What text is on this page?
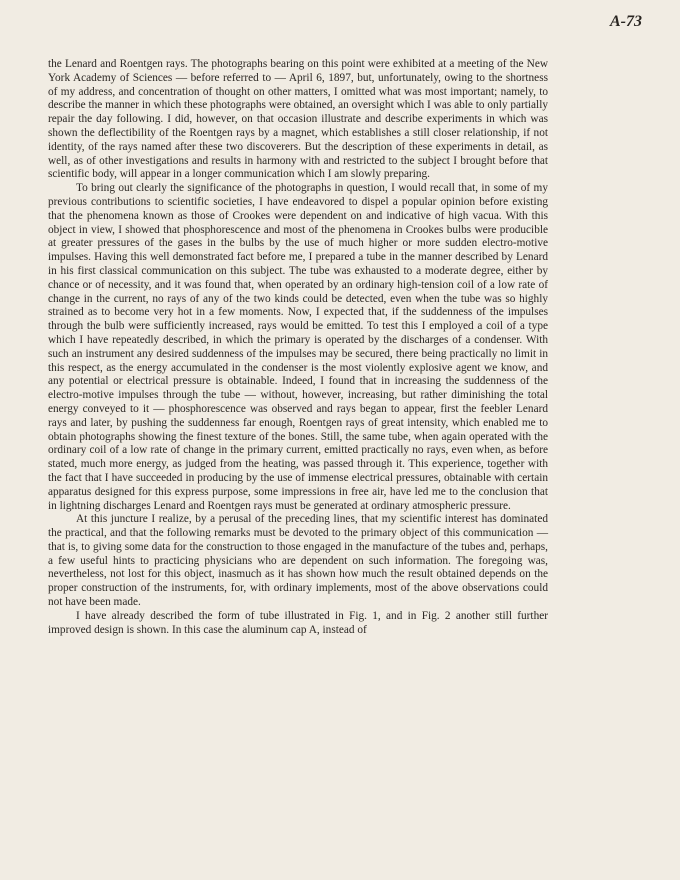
A-73

the Lenard and Roentgen rays. The photographs bearing on this point were exhibited at a meeting of the New York Academy of Sciences — before referred to — April 6, 1897, but, unfortunately, owing to the shortness of my address, and concentration of thought on other matters, I omitted what was most important; namely, to describe the manner in which these photographs were obtained, an oversight which I was able to only partially repair the day following. I did, however, on that occasion illustrate and describe experiments in which was shown the deflectibility of the Roentgen rays by a magnet, which establishes a still closer relationship, if not identity, of the rays named after these two discoverers. But the description of these experiments in detail, as well, as of other investigations and results in harmony with and restricted to the subject I brought before that scientific body, will appear in a longer communication which I am slowly preparing.

To bring out clearly the significance of the photographs in question, I would recall that, in some of my previous contributions to scientific societies, I have endeavored to dispel a popular opinion before existing that the phenomena known as those of Crookes were dependent on and indicative of high vacua. With this object in view, I showed that phosphorescence and most of the phenomena in Crookes bulbs were producible at greater pressures of the gases in the bulbs by the use of much higher or more sudden electro-motive impulses. Having this well demonstrated fact before me, I prepared a tube in the manner described by Lenard in his first classical communication on this subject. The tube was exhausted to a moderate degree, either by chance or of necessity, and it was found that, when operated by an ordinary high-tension coil of a low rate of change in the current, no rays of any of the two kinds could be detected, even when the tube was so highly strained as to become very hot in a few moments. Now, I expected that, if the suddenness of the impulses through the bulb were sufficiently increased, rays would be emitted. To test this I employed a coil of a type which I have repeatedly described, in which the primary is operated by the discharges of a condenser. With such an instrument any desired suddenness of the impulses may be secured, there being practically no limit in this respect, as the energy accumulated in the condenser is the most violently explosive agent we know, and any potential or electrical pressure is obtainable. Indeed, I found that in increasing the suddenness of the electro-motive impulses through the tube — without, however, increasing, but rather diminishing the total energy conveyed to it — phosphorescence was observed and rays began to appear, first the feebler Lenard rays and later, by pushing the suddenness far enough, Roentgen rays of great intensity, which enabled me to obtain photographs showing the finest texture of the bones. Still, the same tube, when again operated with the ordinary coil of a low rate of change in the primary current, emitted practically no rays, even when, as before stated, much more energy, as judged from the heating, was passed through it. This experience, together with the fact that I have succeeded in producing by the use of immense electrical pressures, obtainable with certain apparatus designed for this express purpose, some impressions in free air, have led me to the conclusion that in lightning discharges Lenard and Roentgen rays must be generated at ordinary atmospheric pressure.

At this juncture I realize, by a perusal of the preceding lines, that my scientific interest has dominated the practical, and that the following remarks must be devoted to the primary object of this communication — that is, to giving some data for the construction to those engaged in the manufacture of the tubes and, perhaps, a few useful hints to practicing physicians who are dependent on such information. The foregoing was, nevertheless, not lost for this object, inasmuch as it has shown how much the result obtained depends on the proper construction of the instruments, for, with ordinary implements, most of the above observations could not have been made.

I have already described the form of tube illustrated in Fig. 1, and in Fig. 2 another still further improved design is shown. In this case the aluminum cap A, instead of
